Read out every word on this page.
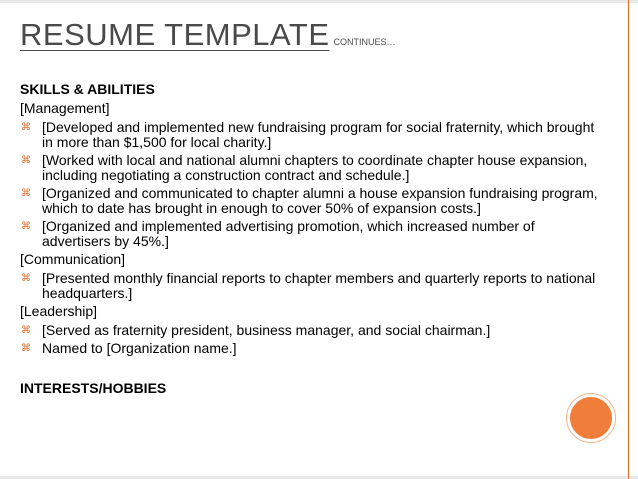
RESUME TEMPLATE CONTINUES…
SKILLS & ABILITIES
[Management]
⌘ [Developed and implemented new fundraising program for social fraternity, which brought in more than $1,500 for local charity.]
⌘ [Worked with local and national alumni chapters to coordinate chapter house expansion, including negotiating a construction contract and schedule.]
⌘ [Organized and communicated to chapter alumni a house expansion fundraising program, which to date has brought in enough to cover 50% of expansion costs.]
⌘ [Organized and implemented advertising promotion, which increased number of advertisers by 45%.]
[Communication]
⌘ [Presented monthly financial reports to chapter members and quarterly reports to national headquarters.]
[Leadership]
⌘ [Served as fraternity president, business manager, and social chairman.]
⌘ Named to [Organization name.]
INTERESTS/HOBBIES
